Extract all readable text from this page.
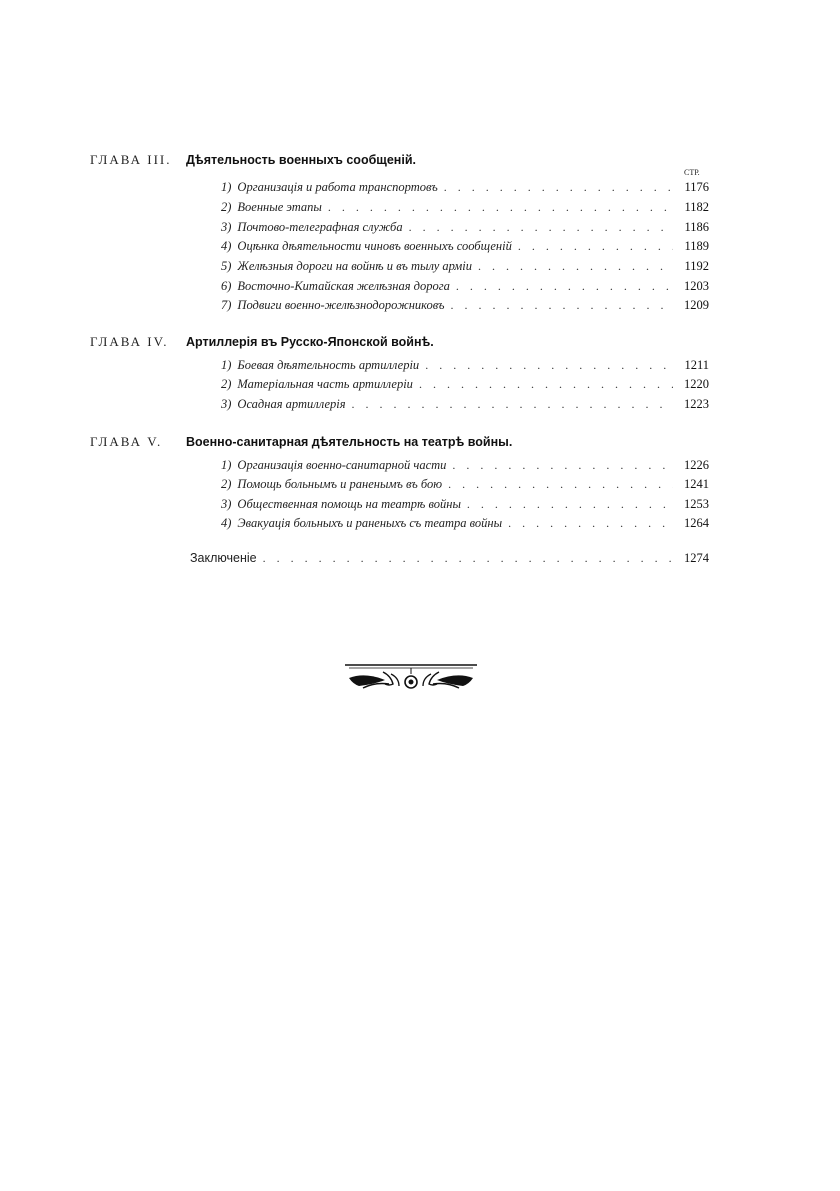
ГЛАВА III.	Дѣятельность военныхъ сообщеній.
СТР.
1) Организація и работа транспортовъ . . .	1176
2) Военные этапы . . .	1182
3) Почтово-телеграфная служба . . .	1186
4) Оцѣнка дѣятельности чиновъ военныхъ сообщеній . . .	1189
5) Желѣзныя дороги на войнѣ и въ тылу арміи . . .	1192
6) Восточно-Китайская желѣзная дорога . . .	1203
7) Подвиги военно-желѣзнодорожниковъ . . .	1209
ГЛАВА IV.	Артиллерія въ Русско-Японской войнѣ.
1) Боевая дѣятельность артиллеріи . . .	1211
2) Матеріальная часть артиллеріи . . .	1220
3) Осадная артиллерія . . .	1223
ГЛАВА V.	Военно-санитарная дѣятельность на театрѣ войны.
1) Организація военно-санитарной части . . .	1226
2) Помощь больнымъ и раненымъ въ бою . . .	1241
3) Общественная помощь на театрѣ войны . . .	1253
4) Эвакуація больныхъ и раненыхъ съ театра войны . . .	1264
Заключеніе . . .	1274
